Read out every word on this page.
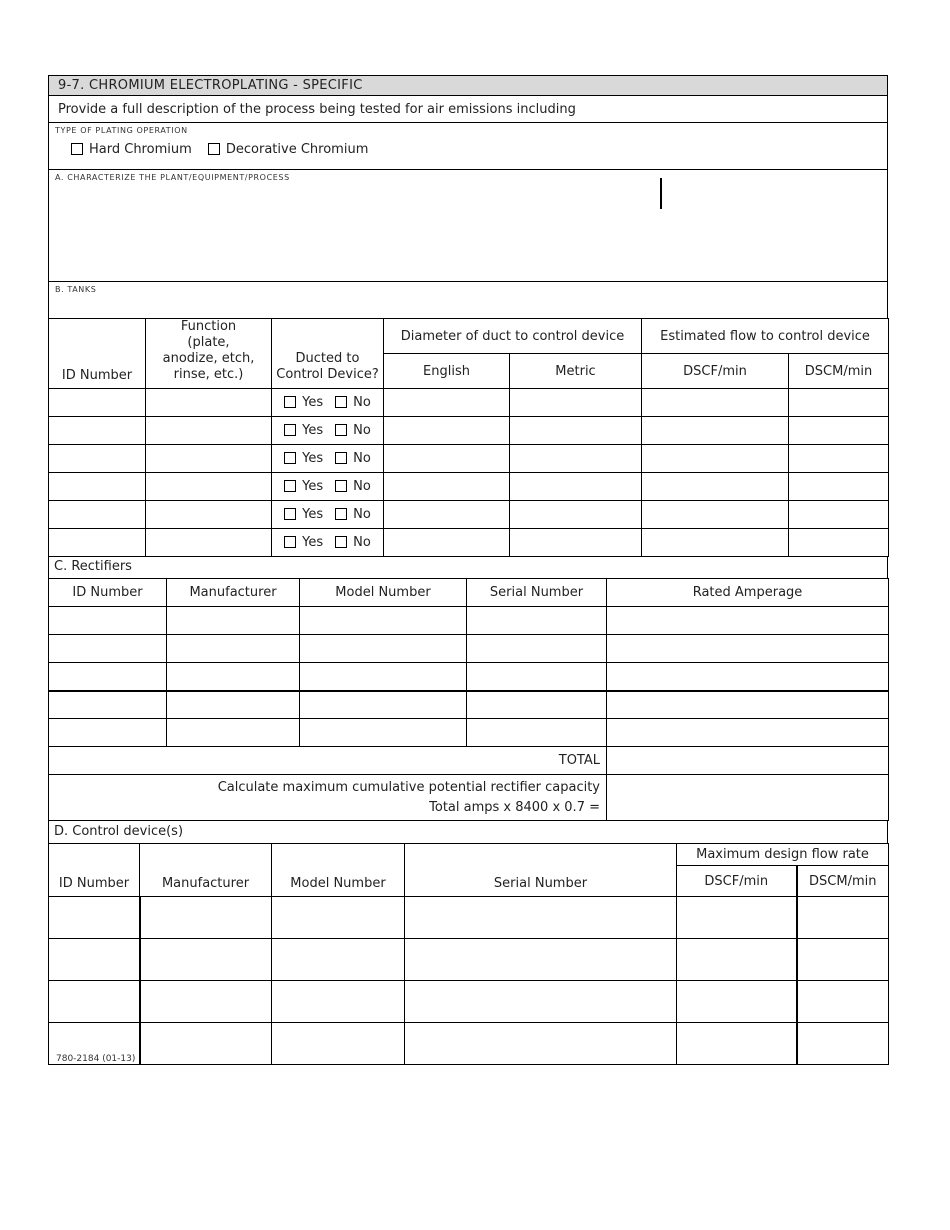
9-7. CHROMIUM ELECTROPLATING - SPECIFIC
Provide a full description of the process being tested for air emissions including
TYPE OF PLATING OPERATION
Hard Chromium	Decorative Chromium
A. CHARACTERIZE THE PLANT/EQUIPMENT/PROCESS
B. TANKS
ID Number	Function (plate, anodize, etch, rinse, etc.)	Ducted to Control Device?	Diameter of duct to control device		Estimated flow to control device	
			English	Metric	DSCF/min	DSCM/min
		Yes No				
		Yes No				
		Yes No				
		Yes No				
		Yes No				
		Yes No				
C. Rectifiers
ID Number	Manufacturer	Model Number	Serial Number	Rated Amperage

TOTAL				

Calculate maximum cumulative potential rectifier capacity
Total amps x 8400 x 0.7 =				

D. Control device(s)
ID Number	Manufacturer	Model Number	Serial Number	Maximum design flow rate	
				DSCF/min	DSCM/min

780-2184 (01-13)
